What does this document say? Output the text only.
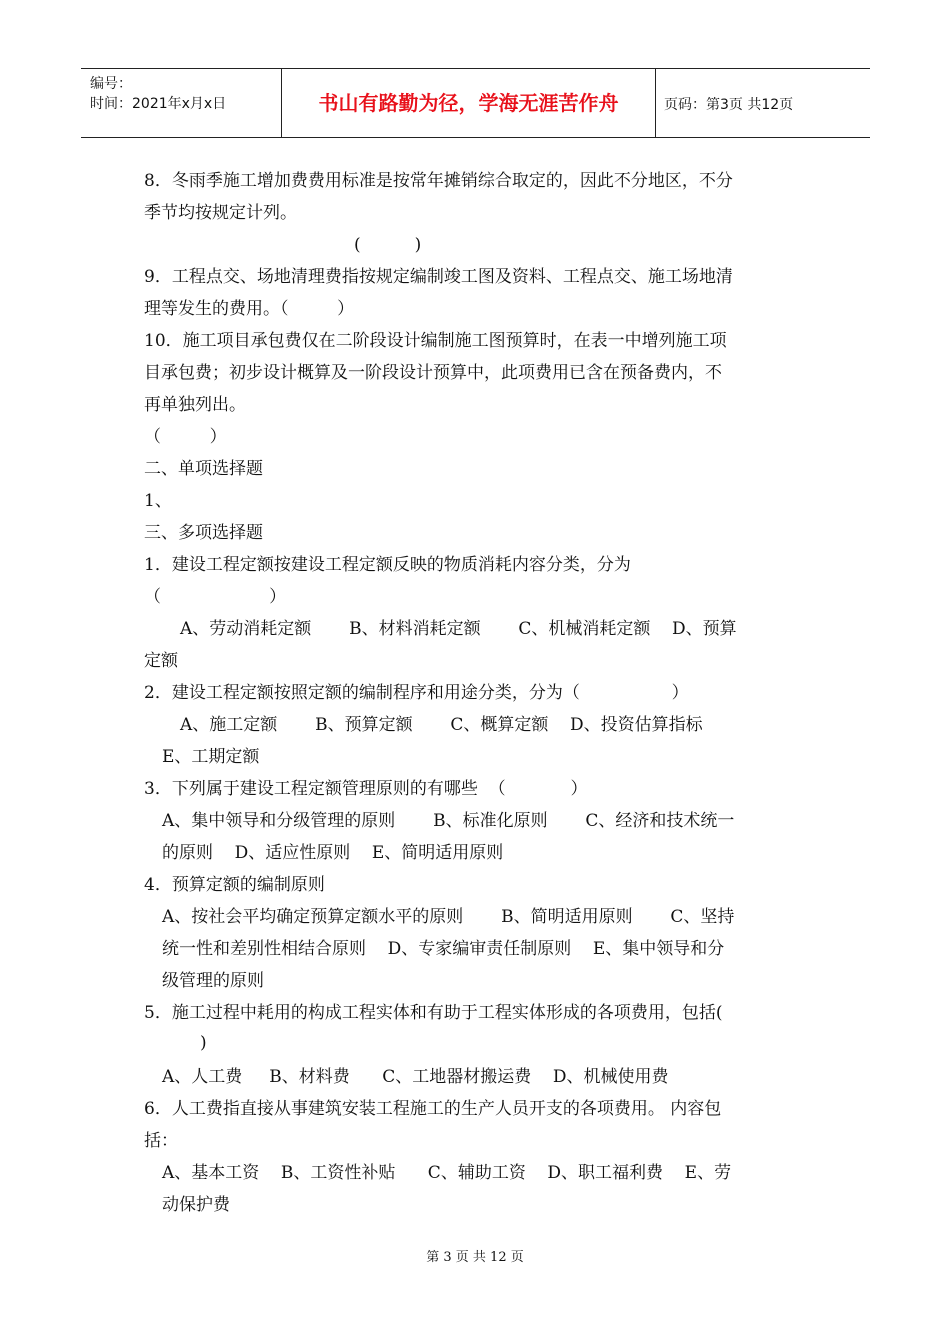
编号：
时间：2021年x月x日	书山有路勤为径，学海无涯苦作舟	页码：第3页 共12页
8．冬雨季施工增加费费用标准是按常年摊销综合取定的，因此不分地区，不分
季节均按规定计列。
(          )
9．工程点交、场地清理费指按规定编制竣工图及资料、工程点交、施工场地清
理等发生的费用。（         ）
10．施工项目承包费仅在二阶段设计编制施工图预算时，在表一中增列施工项
目承包费；初步设计概算及一阶段设计预算中，此项费用已含在预备费内，不
再单独列出。
（         ）
二、单项选择题
1、
三、多项选择题
1．建设工程定额按建设工程定额反映的物质消耗内容分类，分为
（                    ）
A、劳动消耗定额       B、材料消耗定额       C、机械消耗定额    D、预算
定额
2．建设工程定额按照定额的编制程序和用途分类，分为（                 ）
A、施工定额       B、预算定额       C、概算定额    D、投资估算指标
E、工期定额
3．下列属于建设工程定额管理原则的有哪些  （            ）
A、集中领导和分级管理的原则       B、标准化原则       C、经济和技术统一
的原则    D、适应性原则    E、简明适用原则
4．预算定额的编制原则
A、按社会平均确定预算定额水平的原则       B、简明适用原则       C、坚持
统一性和差别性相结合原则    D、专家编审责任制原则    E、集中领导和分
级管理的原则
5．施工过程中耗用的构成工程实体和有助于工程实体形成的各项费用，包括(
)
A、人工费     B、材料费      C、工地器材搬运费    D、机械使用费
6．人工费指直接从事建筑安装工程施工的生产人员开支的各项费用。 内容包
括：
A、基本工资    B、工资性补贴      C、辅助工资    D、职工福利费    E、劳
动保护费
第 3 页 共 12 页
